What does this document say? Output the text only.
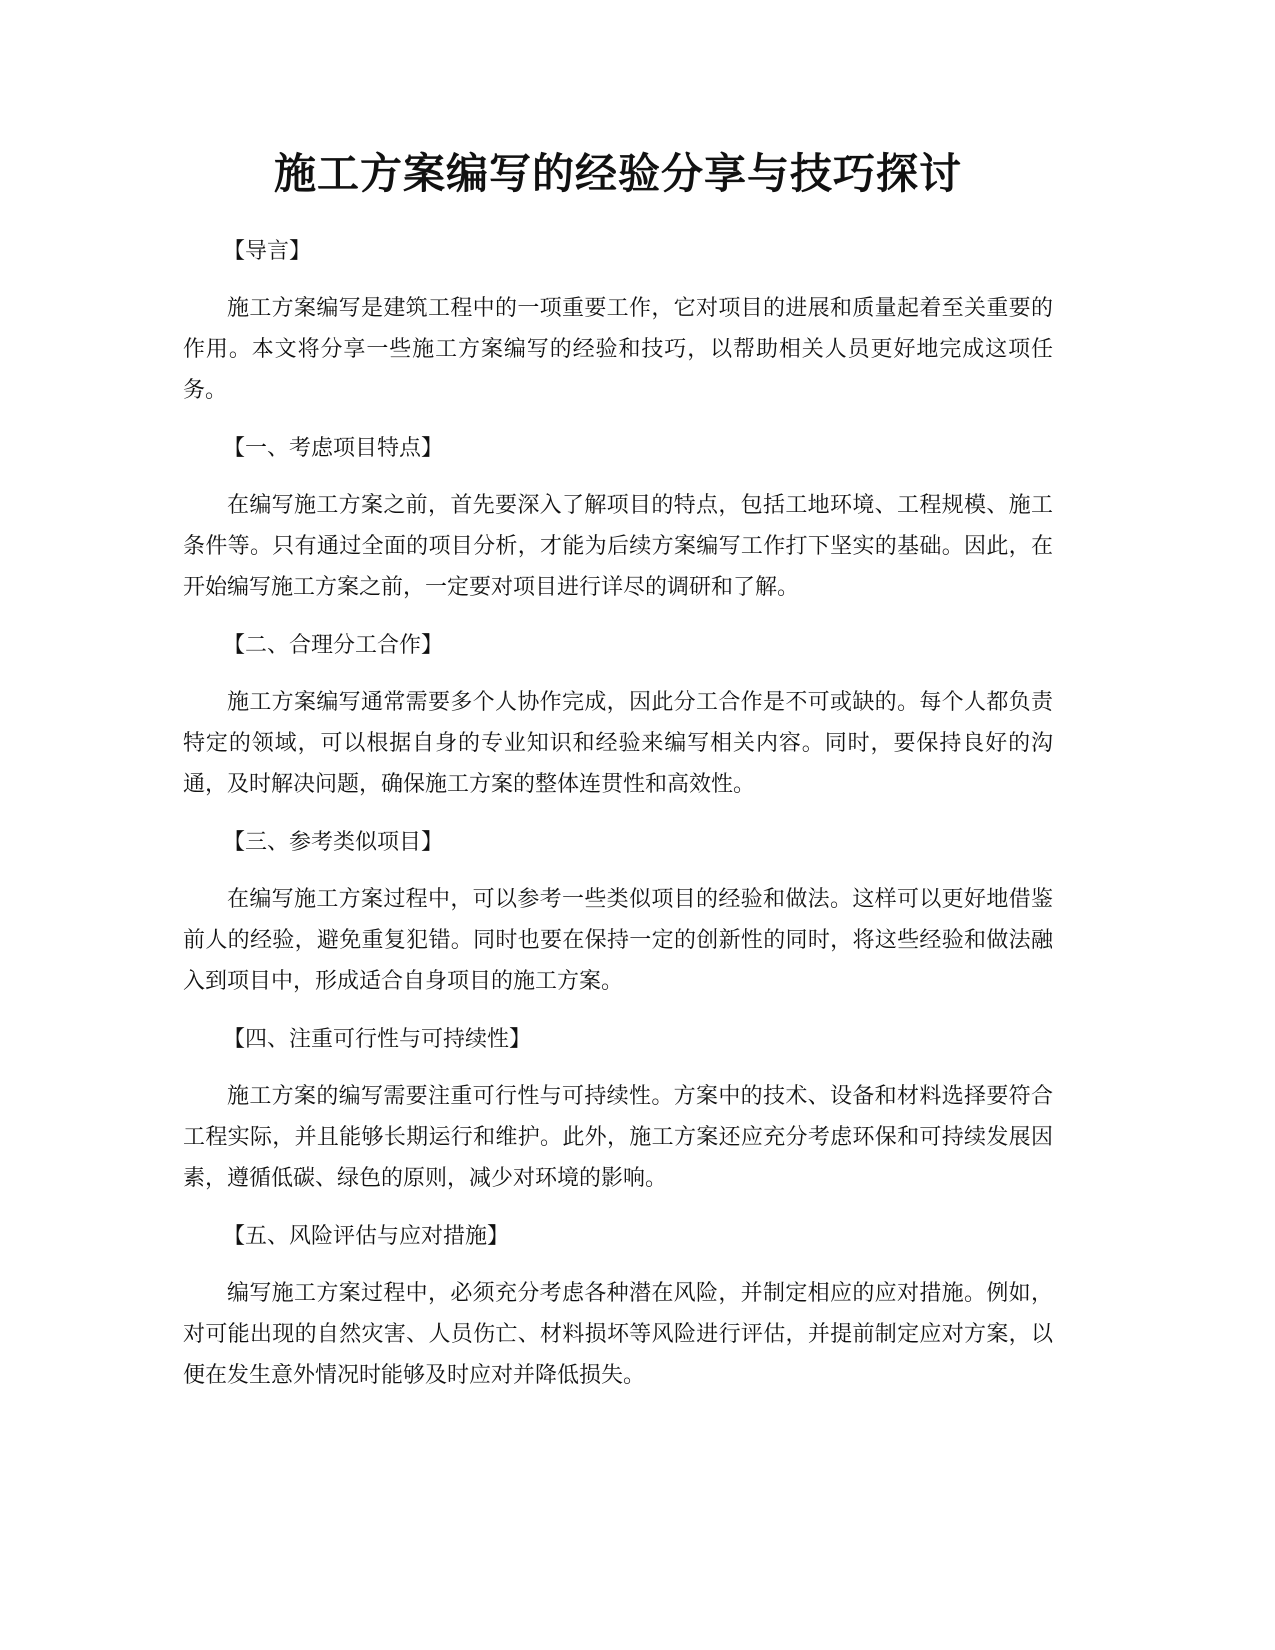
施工方案编写的经验分享与技巧探讨
【导言】

施工方案编写是建筑工程中的一项重要工作，它对项目的进展和质量起着至关重要的作用。本文将分享一些施工方案编写的经验和技巧，以帮助相关人员更好地完成这项任务。

【一、考虑项目特点】

在编写施工方案之前，首先要深入了解项目的特点，包括工地环境、工程规模、施工条件等。只有通过全面的项目分析，才能为后续方案编写工作打下坚实的基础。因此，在开始编写施工方案之前，一定要对项目进行详尽的调研和了解。

【二、合理分工合作】

施工方案编写通常需要多个人协作完成，因此分工合作是不可或缺的。每个人都负责特定的领域，可以根据自身的专业知识和经验来编写相关内容。同时，要保持良好的沟通，及时解决问题，确保施工方案的整体连贯性和高效性。

【三、参考类似项目】

在编写施工方案过程中，可以参考一些类似项目的经验和做法。这样可以更好地借鉴前人的经验，避免重复犯错。同时也要在保持一定的创新性的同时，将这些经验和做法融入到项目中，形成适合自身项目的施工方案。

【四、注重可行性与可持续性】

施工方案的编写需要注重可行性与可持续性。方案中的技术、设备和材料选择要符合工程实际，并且能够长期运行和维护。此外，施工方案还应充分考虑环保和可持续发展因素，遵循低碳、绿色的原则，减少对环境的影响。

【五、风险评估与应对措施】

编写施工方案过程中，必须充分考虑各种潜在风险，并制定相应的应对措施。例如，对可能出现的自然灾害、人员伤亡、材料损坏等风险进行评估，并提前制定应对方案，以便在发生意外情况时能够及时应对并降低损失。
